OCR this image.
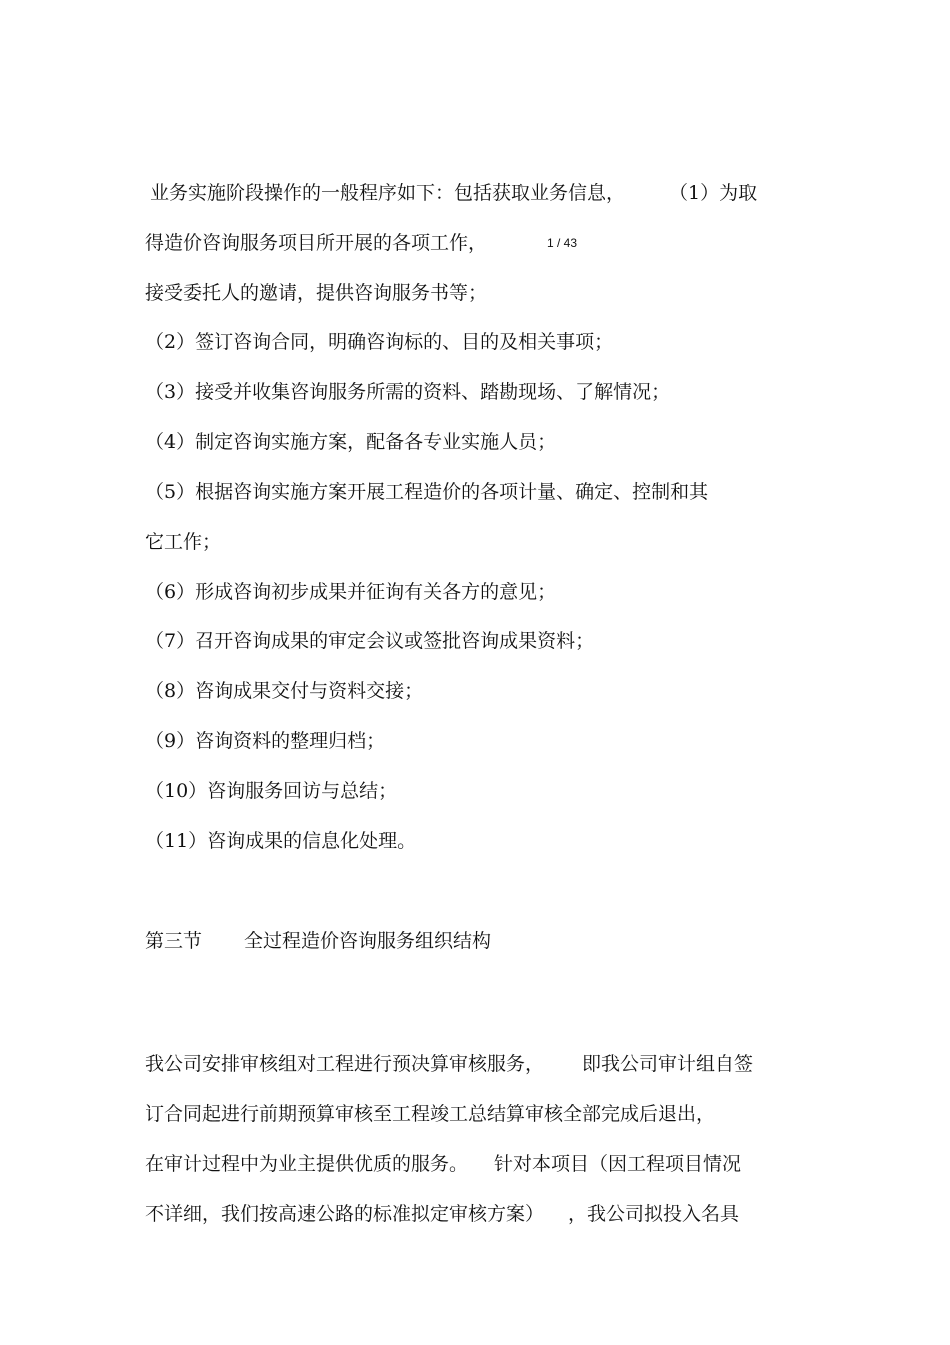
业务实施阶段操作的一般程序如下：包括获取业务信息， （1）为取
得造价咨询服务项目所开展的各项工作，	1 / 43
接受委托人的邀请，提供咨询服务书等；
（2）签订咨询合同，明确咨询标的、目的及相关事项；
（3）接受并收集咨询服务所需的资料、踏勘现场、了解情况；
（4）制定咨询实施方案，配备各专业实施人员；
（5）根据咨询实施方案开展工程造价的各项计量、确定、控制和其
它工作；
（6）形成咨询初步成果并征询有关各方的意见；
（7）召开咨询成果的审定会议或签批咨询成果资料；
（8）咨询成果交付与资料交接；
（9）咨询资料的整理归档；
（10）咨询服务回访与总结；
（11）咨询成果的信息化处理。
第三节 全过程造价咨询服务组织结构
我公司安排审核组对工程进行预决算审核服务， 即我公司审计组自签
订合同起进行前期预算审核至工程竣工总结算审核全部完成后退出，
在审计过程中为业主提供优质的服务。 针对本项目（因工程项目情况
不详细，我们按高速公路的标准拟定审核方案） ，我公司拟投入名具
